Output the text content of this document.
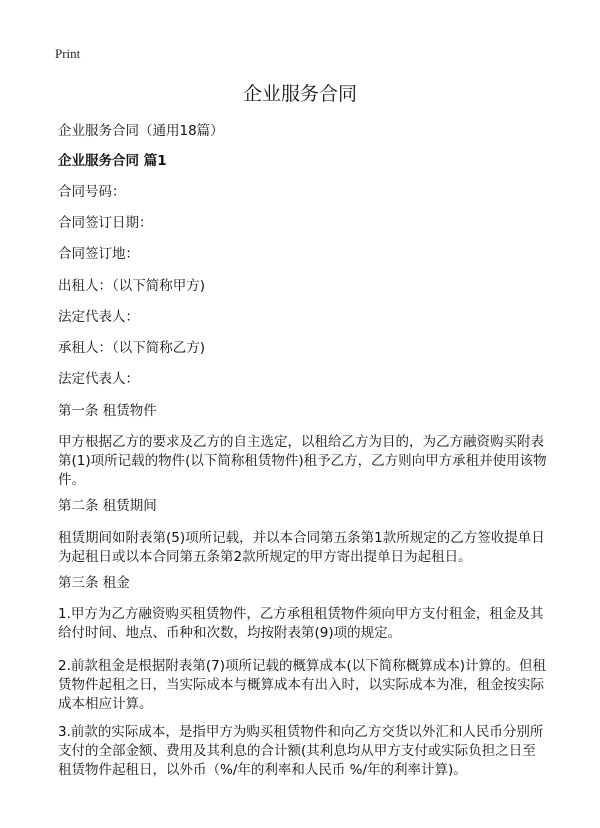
Print
企业服务合同
企业服务合同（通用18篇）
企业服务合同 篇1
合同号码：
合同签订日期：
合同签订地：
出租人：（以下简称甲方)
法定代表人：
承租人：（以下简称乙方)
法定代表人：
第一条 租赁物件
甲方根据乙方的要求及乙方的自主选定，以租给乙方为目的，为乙方融资购买附表
第(1)项所记载的物件(以下简称租赁物件)租予乙方，乙方则向甲方承租并使用该物
件。
第二条 租赁期间
租赁期间如附表第(5)项所记载，并以本合同第五条第1款所规定的乙方签收提单日
为起租日或以本合同第五条第2款所规定的甲方寄出提单日为起租日。
第三条 租金
1.甲方为乙方融资购买租赁物件，乙方承租租赁物件须向甲方支付租金，租金及其
给付时间、地点、币种和次数，均按附表第(9)项的规定。
2.前款租金是根据附表第(7)项所记载的概算成本(以下简称概算成本)计算的。但租
赁物件起租之日，当实际成本与概算成本有出入时，以实际成本为准，租金按实际
成本相应计算。
3.前款的实际成本，是指甲方为购买租赁物件和向乙方交货以外汇和人民币分别所
支付的全部金额、费用及其利息的合计额(其利息均从甲方支付或实际负担之日至
租赁物件起租日，以外币（%/年的利率和人民币 %/年的利率计算)。
